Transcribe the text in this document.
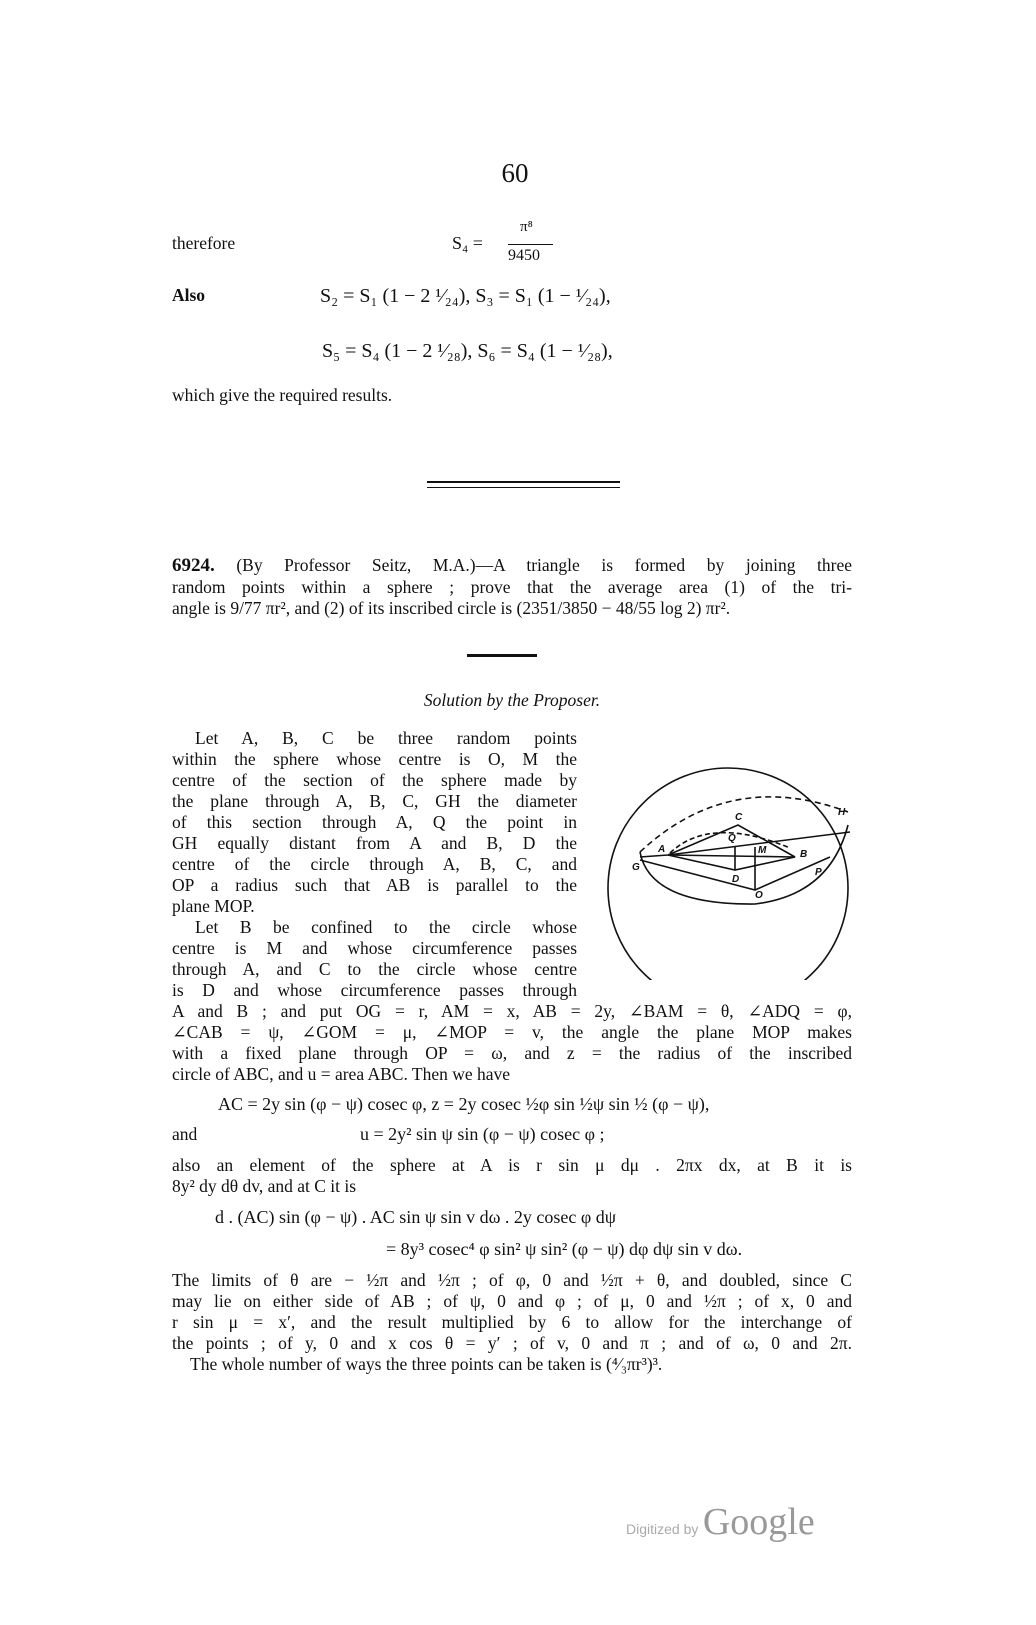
60
therefore	S₄ =
π⁸
9450
Also	S₂ = S₁ (1 − 2 ¹⁄₂₄), S₃ = S₁ (1 − ¹⁄₂₄),
S₅ = S₄ (1 − 2 ¹⁄₂₈), S₆ = S₄ (1 − ¹⁄₂₈),
which give the required results.
6924. (By Professor Seitz, M.A.)—A triangle is formed by joining three
random points within a sphere ; prove that the average area (1) of the tri-
angle is 9/77 πr², and (2) of its inscribed circle is (2351/3850 − 48/55 log 2) πr².
Solution by the Proposer.
Let A, B, C be three random points
within the sphere whose centre is O, M the
centre of the section of the sphere made by
the plane through A, B, C, GH the diameter
of this section through A, Q the point in
GH equally distant from A and B, D the
centre of the circle through A, B, C, and
OP a radius such that AB is parallel to the
plane MOP.
Let B be confined to the circle whose
centre is M and whose circumference passes
through A, and C to the circle whose centre
is D and whose circumference passes through
A and B ; and put OG = r, AM = x, AB = 2y, ∠BAM = θ, ∠ADQ = φ,
∠CAB = ψ, ∠GOM = μ, ∠MOP = v, the angle the plane MOP makes
with a fixed plane through OP = ω, and z = the radius of the inscribed
circle of ABC, and u = area ABC. Then we have
AC = 2y sin (φ − ψ) cosec φ, z = 2y cosec ½φ sin ½ψ sin ½ (φ − ψ),
and	u = 2y² sin ψ sin (φ − ψ) cosec φ ;
also an element of the sphere at A is r sin μ dμ . 2πx dx, at B it is
8y² dy dθ dv, and at C it is
d . (AC) sin (φ − ψ) . AC sin ψ sin v dω . 2y cosec φ dψ
= 8y³ cosec⁴ φ sin² ψ sin² (φ − ψ) dφ dψ sin v dω.
The limits of θ are − ½π and ½π ; of φ, 0 and ½π + θ, and doubled, since C
may lie on either side of AB ; of ψ, 0 and φ ; of μ, 0 and ½π ; of x, 0 and
r sin μ = x′, and the result multiplied by 6 to allow for the interchange of
the points ; of y, 0 and x cos θ = y′ ; of v, 0 and π ; and of ω, 0 and 2π.
The whole number of ways the three points can be taken is (⁴⁄₃πr³)³.
C
A
Q
M	B
H
G
D
O
P
Digitized by Google
